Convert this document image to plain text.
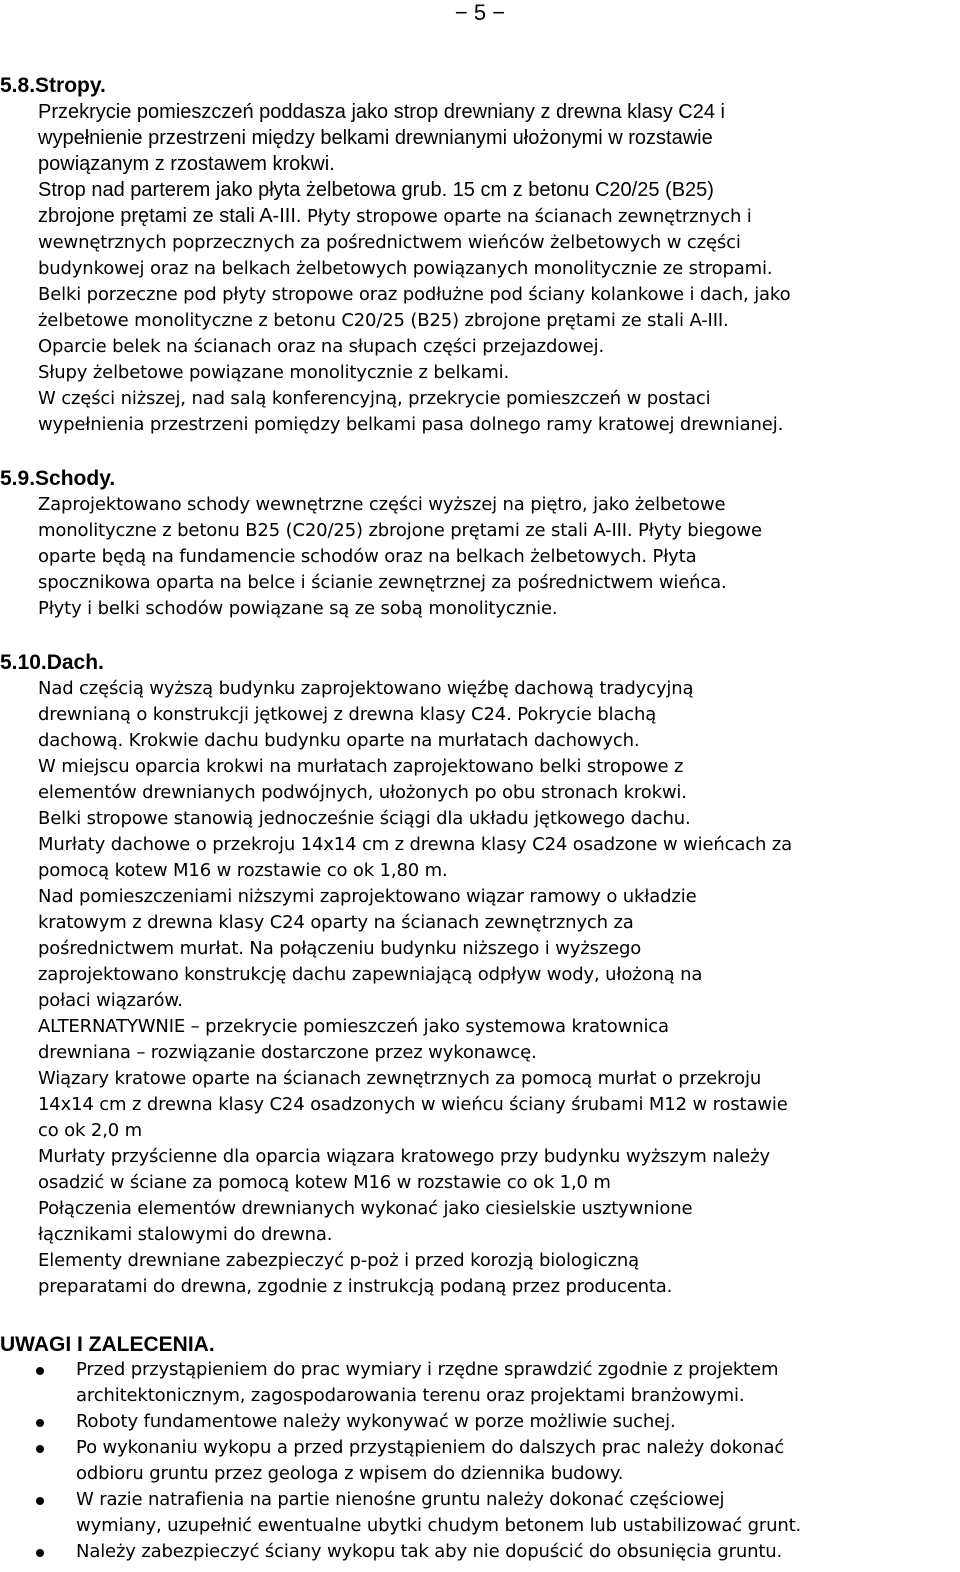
− 5 −
5.8.Stropy.
Przekrycie pomieszczeń poddasza jako strop drewniany z drewna klasy C24 i
wypełnienie przestrzeni między belkami drewnianymi ułożonymi w rozstawie
powiązanym z rzostawem krokwi.
Strop nad parterem jako płyta żelbetowa grub. 15 cm z betonu C20/25 (B25)
zbrojone prętami ze stali A-III. Płyty stropowe oparte na ścianach zewnętrznych i
wewnętrznych poprzecznych za pośrednictwem wieńców żelbetowych w części
budynkowej oraz na belkach żelbetowych powiązanych monolitycznie ze stropami.
Belki porzeczne pod płyty stropowe oraz podłużne pod ściany kolankowe i dach, jako
żelbetowe monolityczne z betonu C20/25 (B25) zbrojone prętami ze stali A-III.
Oparcie belek na ścianach oraz na słupach części przejazdowej.
Słupy żelbetowe powiązane monolitycznie z belkami.
W części niższej, nad salą konferencyjną, przekrycie pomieszczeń w postaci
wypełnienia przestrzeni pomiędzy belkami pasa dolnego ramy kratowej drewnianej.
5.9.Schody.
Zaprojektowano schody wewnętrzne części wyższej na piętro, jako żelbetowe
monolityczne z betonu B25 (C20/25) zbrojone prętami ze stali A-III. Płyty biegowe
oparte będą na fundamencie schodów oraz na belkach żelbetowych. Płyta
spocznikowa oparta na belce i ścianie zewnętrznej za pośrednictwem wieńca.
Płyty i belki schodów powiązane są ze sobą monolitycznie.
5.10.Dach.
Nad częścią wyższą budynku zaprojektowano więźbę dachową tradycyjną
drewnianą o konstrukcji jętkowej z drewna klasy C24. Pokrycie blachą
dachową. Krokwie dachu budynku oparte na murłatach dachowych.
W miejscu oparcia krokwi na murłatach zaprojektowano belki stropowe z
elementów drewnianych podwójnych, ułożonych po obu stronach krokwi.
Belki stropowe stanowią jednocześnie ściągi dla układu jętkowego dachu.
Murłaty dachowe o przekroju 14x14 cm z drewna klasy C24 osadzone w wieńcach za
pomocą kotew M16 w rozstawie co ok 1,80 m.
Nad pomieszczeniami niższymi zaprojektowano wiązar ramowy o układzie
kratowym z drewna klasy C24 oparty na ścianach zewnętrznych za
pośrednictwem murłat. Na połączeniu budynku niższego i wyższego
zaprojektowano konstrukcję dachu zapewniającą odpływ wody, ułożoną na
połaci wiązarów.
ALTERNATYWNIE – przekrycie pomieszczeń jako systemowa kratownica
drewniana – rozwiązanie dostarczone przez wykonawcę.
Wiązary kratowe oparte na ścianach zewnętrznych za pomocą murłat o przekroju
14x14 cm z drewna klasy C24 osadzonych w wieńcu ściany śrubami M12 w rostawie
co ok 2,0 m
Murłaty przyścienne dla oparcia wiązara kratowego przy budynku wyższym należy
osadzić w ściane za pomocą kotew M16 w rozstawie co ok 1,0 m
Połączenia elementów drewnianych wykonać jako ciesielskie usztywnione
łącznikami stalowymi do drewna.
Elementy drewniane zabezpieczyć p-poż i przed korozją biologiczną
preparatami do drewna, zgodnie z instrukcją podaną przez producenta.
UWAGI I ZALECENIA.
Przed przystąpieniem do prac wymiary i rzędne sprawdzić zgodnie z projektem
architektonicznym, zagospodarowania terenu oraz projektami branżowymi.
Roboty fundamentowe należy wykonywać w porze możliwie suchej.
Po wykonaniu wykopu a przed przystąpieniem do dalszych prac należy dokonać
odbioru gruntu przez geologa z wpisem do dziennika budowy.
W razie natrafienia na partie nienośne gruntu należy dokonać częściowej
wymiany, uzupełnić ewentualne ubytki chudym betonem lub ustabilizować grunt.
Należy zabezpieczyć ściany wykopu tak aby nie dopuścić do obsunięcia gruntu.
